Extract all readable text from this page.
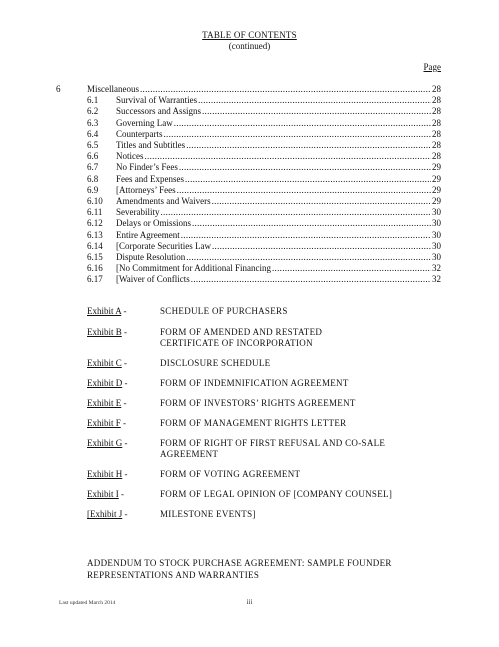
TABLE OF CONTENTS
(continued)
Page
6	Miscellaneous .....	28
6.1	Survival of Warranties .....	28
6.2	Successors and Assigns .....	28
6.3	Governing Law .....	28
6.4	Counterparts .....	28
6.5	Titles and Subtitles .....	28
6.6	Notices .....	28
6.7	No Finder’s Fees .....	29
6.8	Fees and Expenses .....	29
6.9	[Attorneys’ Fees .....	29
6.10	Amendments and Waivers .....	29
6.11	Severability .....	30
6.12	Delays or Omissions .....	30
6.13	Entire Agreement .....	30
6.14	[Corporate Securities Law .....	30
6.15	Dispute Resolution .....	30
6.16	[No Commitment for Additional Financing .....	32
6.17	[Waiver of Conflicts .....	32
Exhibit A -	SCHEDULE OF PURCHASERS
Exhibit B -	FORM OF AMENDED AND RESTATED
CERTIFICATE OF INCORPORATION
Exhibit C -	DISCLOSURE SCHEDULE
Exhibit D -	FORM OF INDEMNIFICATION AGREEMENT
Exhibit E -	FORM OF INVESTORS’ RIGHTS AGREEMENT
Exhibit F -	FORM OF MANAGEMENT RIGHTS LETTER
Exhibit G -	FORM OF RIGHT OF FIRST REFUSAL AND CO-SALE
AGREEMENT
Exhibit H -	FORM OF VOTING AGREEMENT
Exhibit I -	FORM OF LEGAL OPINION OF [COMPANY COUNSEL]
[Exhibit J -	MILESTONE EVENTS]
ADDENDUM TO STOCK PURCHASE AGREEMENT: SAMPLE FOUNDER
REPRESENTATIONS AND WARRANTIES
Last updated March 2014	iii
